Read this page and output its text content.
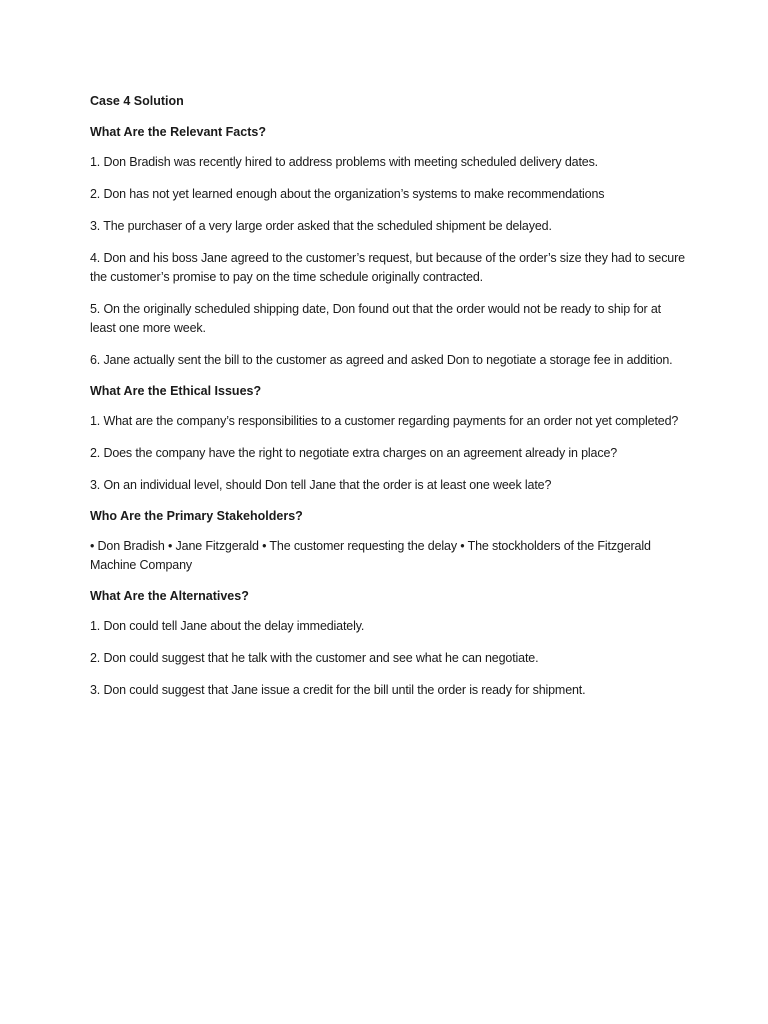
Case 4 Solution
What Are the Relevant Facts?
1. Don Bradish was recently hired to address problems with meeting scheduled delivery dates.
2. Don has not yet learned enough about the organization’s systems to make recommendations
3. The purchaser of a very large order asked that the scheduled shipment be delayed.
4. Don and his boss Jane agreed to the customer’s request, but because of the order’s size they had to secure the customer’s promise to pay on the time schedule originally contracted.
5. On the originally scheduled shipping date, Don found out that the order would not be ready to ship for at least one more week.
6. Jane actually sent the bill to the customer as agreed and asked Don to negotiate a storage fee in addition.
What Are the Ethical Issues?
1. What are the company’s responsibilities to a customer regarding payments for an order not yet completed?
2. Does the company have the right to negotiate extra charges on an agreement already in place?
3. On an individual level, should Don tell Jane that the order is at least one week late?
Who Are the Primary Stakeholders?
• Don Bradish • Jane Fitzgerald • The customer requesting the delay • The stockholders of the Fitzgerald Machine Company
What Are the Alternatives?
1. Don could tell Jane about the delay immediately.
2. Don could suggest that he talk with the customer and see what he can negotiate.
3. Don could suggest that Jane issue a credit for the bill until the order is ready for shipment.
